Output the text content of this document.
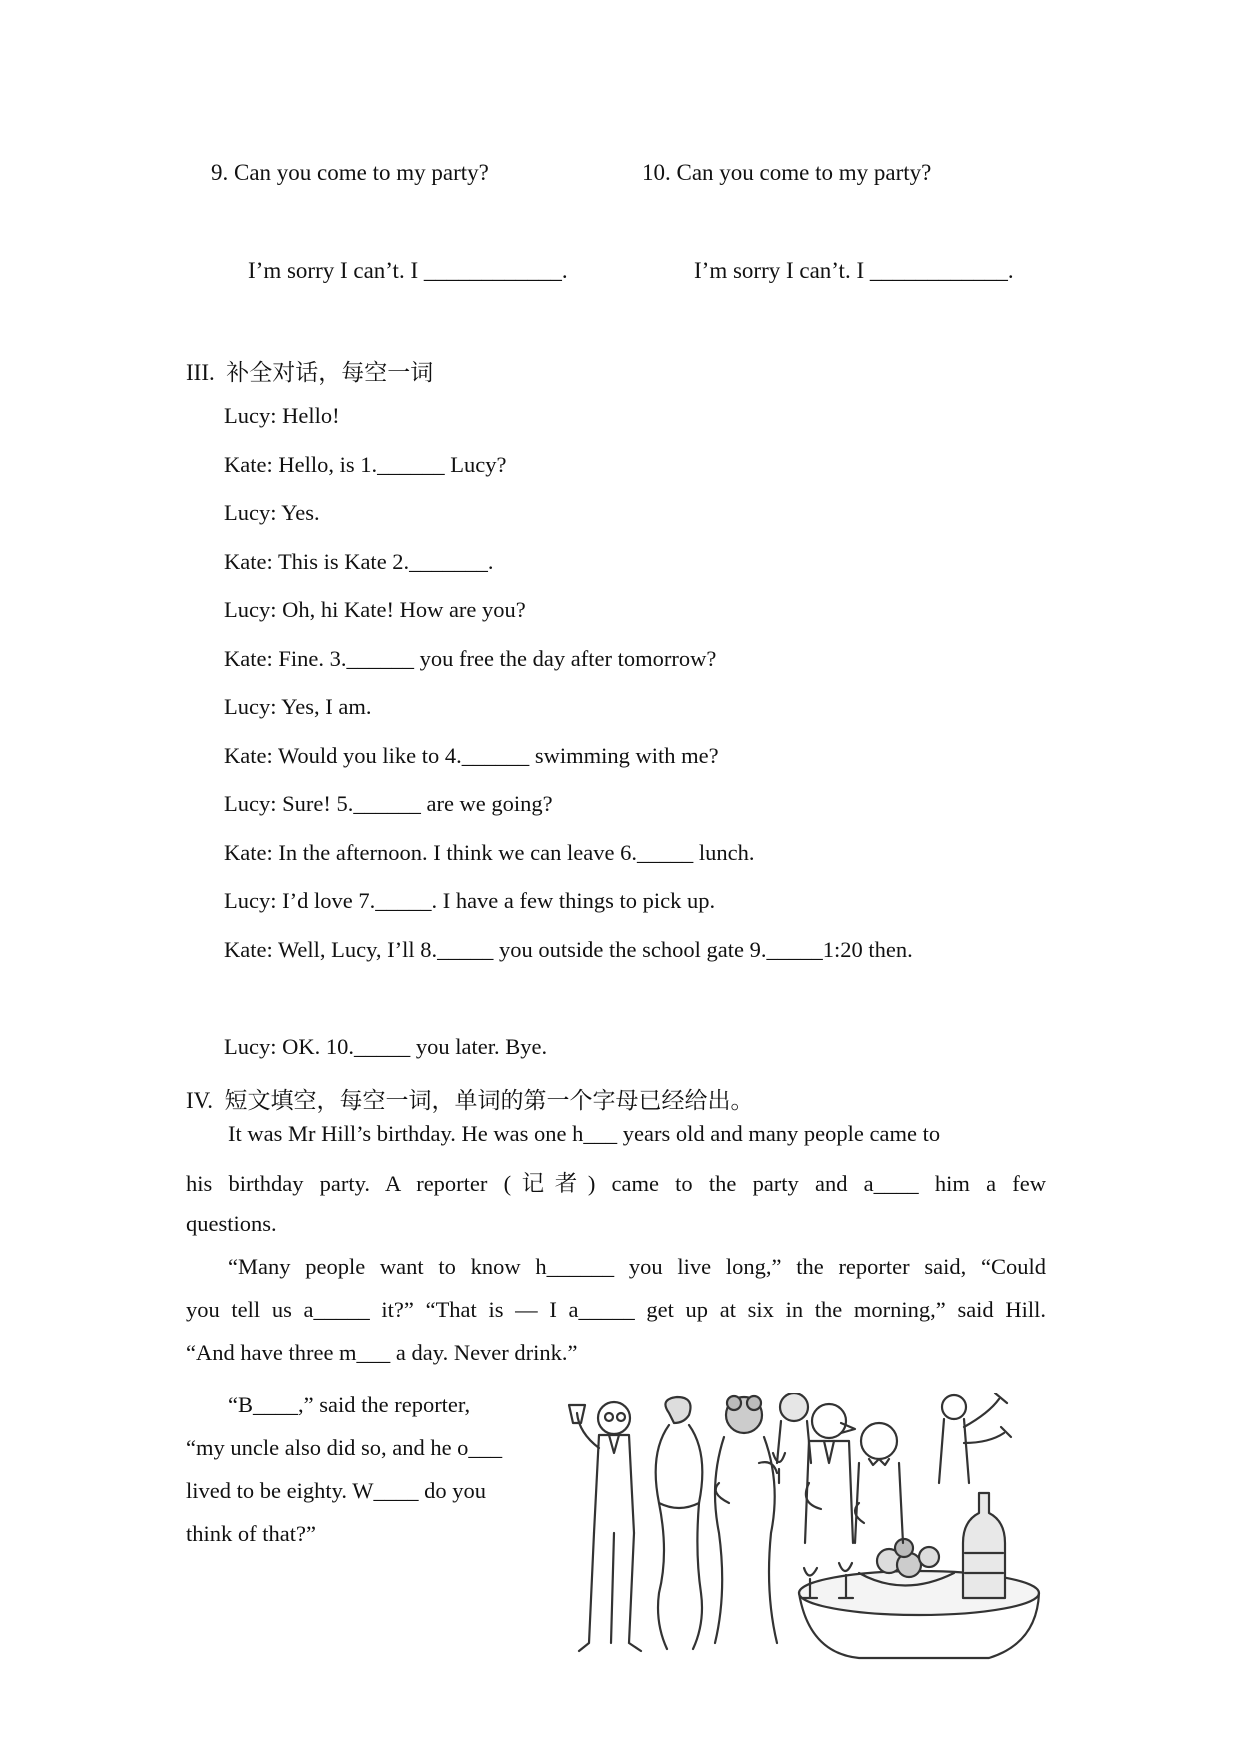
9. Can you come to my party?	10. Can you come to my party?
I’m sorry I can’t. I ____________.	I’m sorry I can’t. I ____________.
III.  补全对话，每空一词
Lucy: Hello!
Kate: Hello, is 1.______ Lucy?
Lucy: Yes.
Kate: This is Kate 2._______.
Lucy: Oh, hi Kate! How are you?
Kate: Fine. 3.______ you free the day after tomorrow?
Lucy: Yes, I am.
Kate: Would you like to 4.______ swimming with me?
Lucy: Sure! 5.______ are we going?
Kate: In the afternoon. I think we can leave 6._____ lunch.
Lucy: I’d love 7._____. I have a few things to pick up.
Kate: Well, Lucy, I’ll 8._____ you outside the school gate 9._____1:20 then.
Lucy: OK. 10._____ you later. Bye.
IV.  短文填空，每空一词，单词的第一个字母已经给出。
It was Mr Hill’s birthday. He was one h___ years old and many people came to
his birthday party. A reporter (记者) came to the party and a____ him a few
questions.
“Many people want to know h______ you live long,” the reporter said, “Could
you tell us a_____ it?” “That is — I a_____ get up at six in the morning,” said Hill.
“And have three m___ a day. Never drink.”
“B____,” said the reporter,
“my uncle also did so, and he o___
lived to be eighty. W____ do you
think of that?”
